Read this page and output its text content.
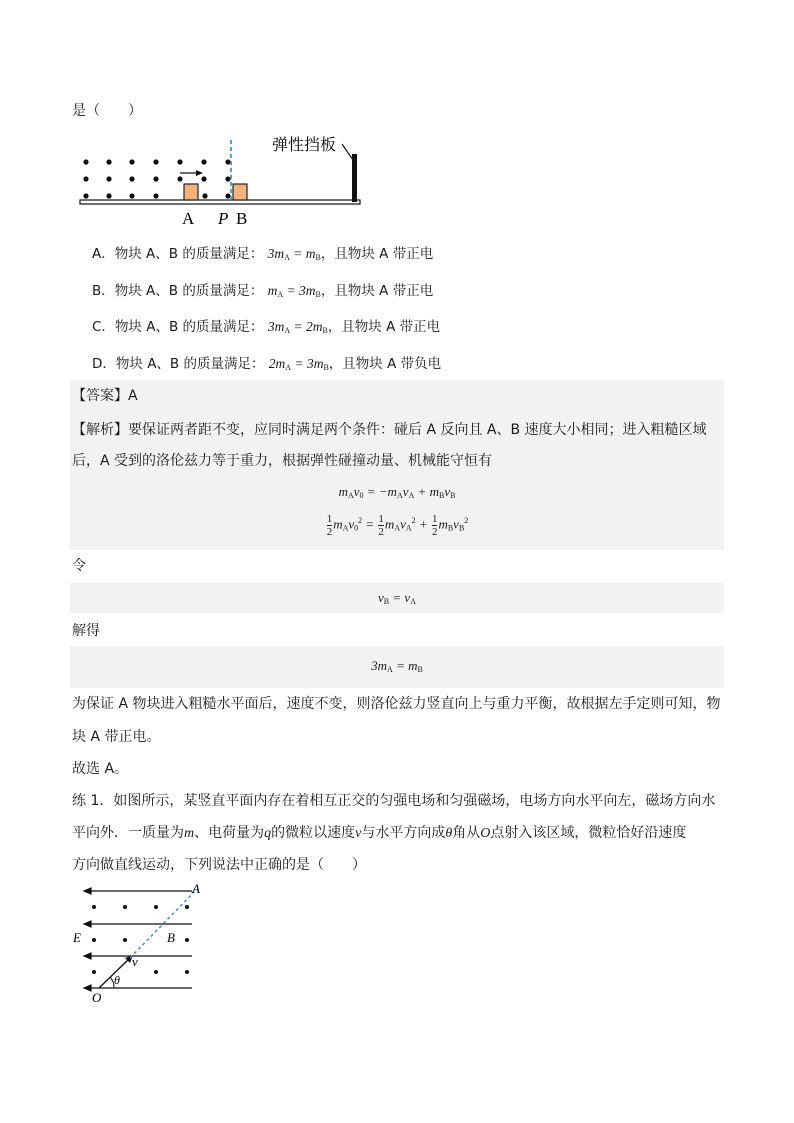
是（　　）
弹性挡板
A P B
A．物块 A、B 的质量满足： $3m_A = m_B$，且物块 A 带正电
B．物块 A、B 的质量满足： $m_A = 3m_B$，且物块 A 带正电
C．物块 A、B 的质量满足： $3m_A = 2m_B$，且物块 A 带正电
D．物块 A、B 的质量满足： $2m_A = 3m_B$，且物块 A 带负电
【答案】A
【解析】要保证两者距不变，应同时满足两个条件：碰后 A 反向且 A、B 速度大小相同；进入粗糙区域
后，A 受到的洛伦兹力等于重力，根据弹性碰撞动量、机械能守恒有
$m_Av_0 = -m_Av_A + m_Bv_B$
$\frac{1}{2} m_Av_0^2 = \frac{1}{2} m_Av_A^2 + \frac{1}{2} m_Bv_B^2$
令
$v_B = v_A$
解得
$3m_A = m_B$
为保证 A 物块进入粗糙水平面后，速度不变，则洛伦兹力竖直向上与重力平衡，故根据左手定则可知，物
块 A 带正电。
故选 A。
练 1．如图所示，某竖直平面内存在着相互正交的匀强电场和匀强磁场，电场方向水平向左，磁场方向水
平向外．一质量为m、电荷量为q的微粒以速度v与水平方向成θ角从O点射入该区域，微粒恰好沿速度
方向做直线运动，下列说法中正确的是（　　）
A
B
E
O
v
θ
